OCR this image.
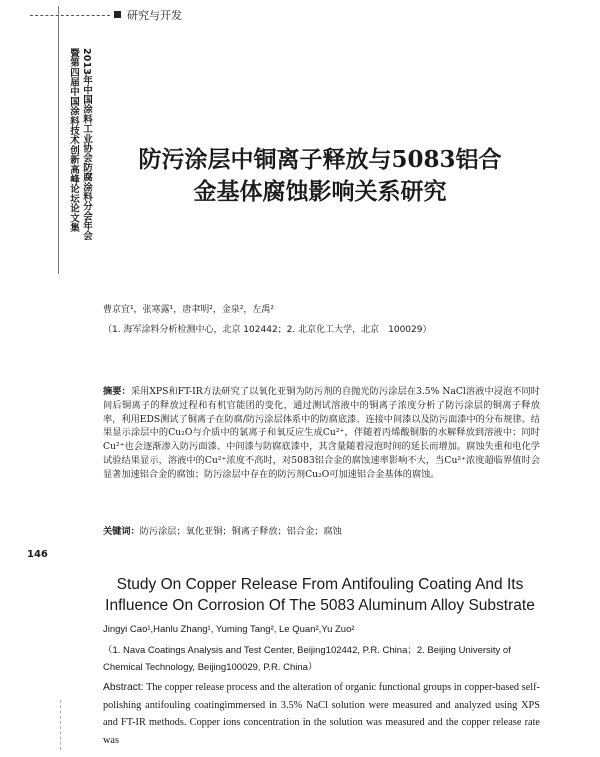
研究与开发
2013年中国涂料工业协会防腐涂料分会年会
暨第四届中国涂料技术创新高峰论坛论文集	防污涂层中铜离子释放与5083铝合
金基体腐蚀影响关系研究
曹京宜¹，张寒露¹，唐聿明²，金泉²，左禹²
（1. 海军涂料分析检测中心，北京 102442；2. 北京化工大学，北京　100029）
摘要：采用XPS和FT-IR方法研究了以氧化亚铜为防污剂的自抛光防污涂层在3.5% NaCl溶液中浸泡不同时间后铜离子的释放过程和有机官能团的变化，通过测试溶液中的铜离子浓度分析了防污涂层的铜离子释放率，利用EDS测试了铜离子在防腐/防污涂层体系中的防腐底漆、连接中间漆以及防污面漆中的分布规律。结果显示涂层中的Cu₂O与介质中的氯离子和氧反应生成Cu²⁺，伴随着丙烯酸铜脂的水解释放到溶液中；同时Cu²⁺也会逐渐渗入防污面漆、中间漆与防腐底漆中，其含量随着浸泡时间的延长而增加。腐蚀失重和电化学试验结果显示，溶液中的Cu²⁺浓度不高时，对5083铝合金的腐蚀速率影响不大，当Cu²⁺浓度超临界值时会显著加速铝合金的腐蚀；防污涂层中存在的防污剂Cu₂O可加速铝合金基体的腐蚀。
关键词：防污涂层；氧化亚铜；铜离子释放；铝合金；腐蚀
146
Study On Copper Release From Antifouling Coating And Its
Influence On Corrosion Of The 5083 Aluminum Alloy Substrate
Jingyi Cao¹,Hanlu Zhang¹, Yuming Tang², Le Quan²,Yu Zuo²
（1. Nava Coatings Analysis and Test Center, Beijing102442, P.R. China；2. Beijing University of Chemical Technology, Beijing100029, P.R. China）
Abstract: The copper release process and the alteration of organic functional groups in copper-based self-polishing antifouling coatingimmersed in 3.5% NaCl solution were measured and analyzed using XPS and FT-IR methods. Copper ions concentration in the solution was measured and the copper release rate was
